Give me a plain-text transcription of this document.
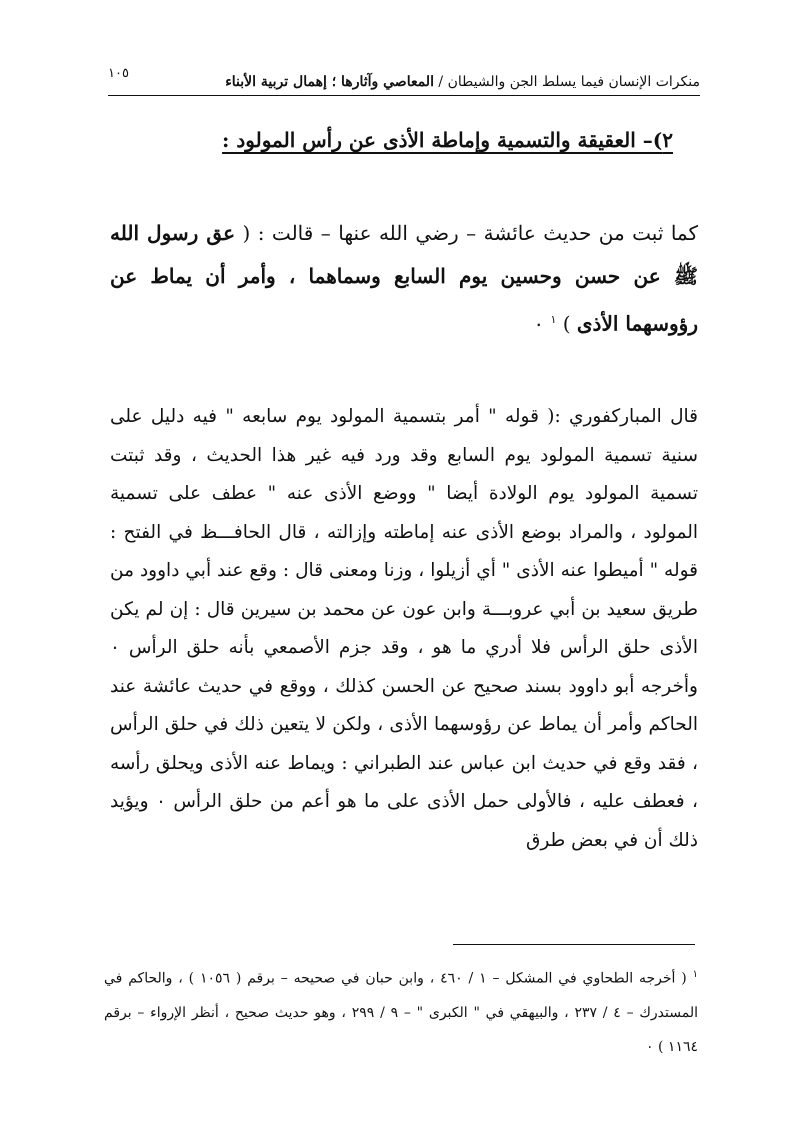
منكرات الإنسان فيما يسلط الجن والشيطان / المعاصي وآثارها ؛ إهمال تربية الأبناء
١٠٥
٢)– العقيقة والتسمية وإماطة الأذى عن رأس المولود :
كما ثبت من حديث عائشة – رضي الله عنها – قالت : ( عق رسول الله ﷺ عن حسن وحسين يوم السابع وسماهما ، وأمر أن يماط عن رؤوسهما الأذى ) $^١$ ٠
قال المباركفوري :( قوله " أمر بتسمية المولود يوم سابعه " فيه دليل على سنية تسمية المولود يوم السابع وقد ورد فيه غير هذا الحديث ، وقد ثبتت تسمية المولود يوم الولادة أيضا " ووضع الأذى عنه " عطف على تسمية المولود ، والمراد بوضع الأذى عنه إماطته وإزالته ، قال الحافـــظ في الفتح : قوله " أميطوا عنه الأذى " أي أزيلوا ، وزنا ومعنى قال : وقع عند أبي داوود من طريق سعيد بن أبي عروبـــة وابن عون عن محمد بن سيرين قال : إن لم يكن الأذى حلق الرأس فلا أدري ما هو ، وقد جزم الأصمعي بأنه حلق الرأس ٠ وأخرجه أبو داوود بسند صحيح عن الحسن كذلك ، ووقع في حديث عائشة عند الحاكم وأمر أن يماط عن رؤوسهما الأذى ، ولكن لا يتعين ذلك في حلق الرأس ، فقد وقع في حديث ابن عباس عند الطبراني : ويماط عنه الأذى ويحلق رأسه ، فعطف عليه ، فالأولى حمل الأذى على ما هو أعم من حلق الرأس ٠ ويؤيد ذلك أن في بعض طرق
$^١$ ( أخرجه الطحاوي في المشكل – ١ / ٤٦٠ ، وابن حبان في صحيحه – برقم ( ١٠٥٦ ) ، والحاكم في المستدرك – ٤ / ٢٣٧ ، والبيهقي في " الكبرى " – ٩ / ٢٩٩ ، وهو حديث صحيح ، أنظر الإرواء – برقم ١١٦٤ ) ٠
